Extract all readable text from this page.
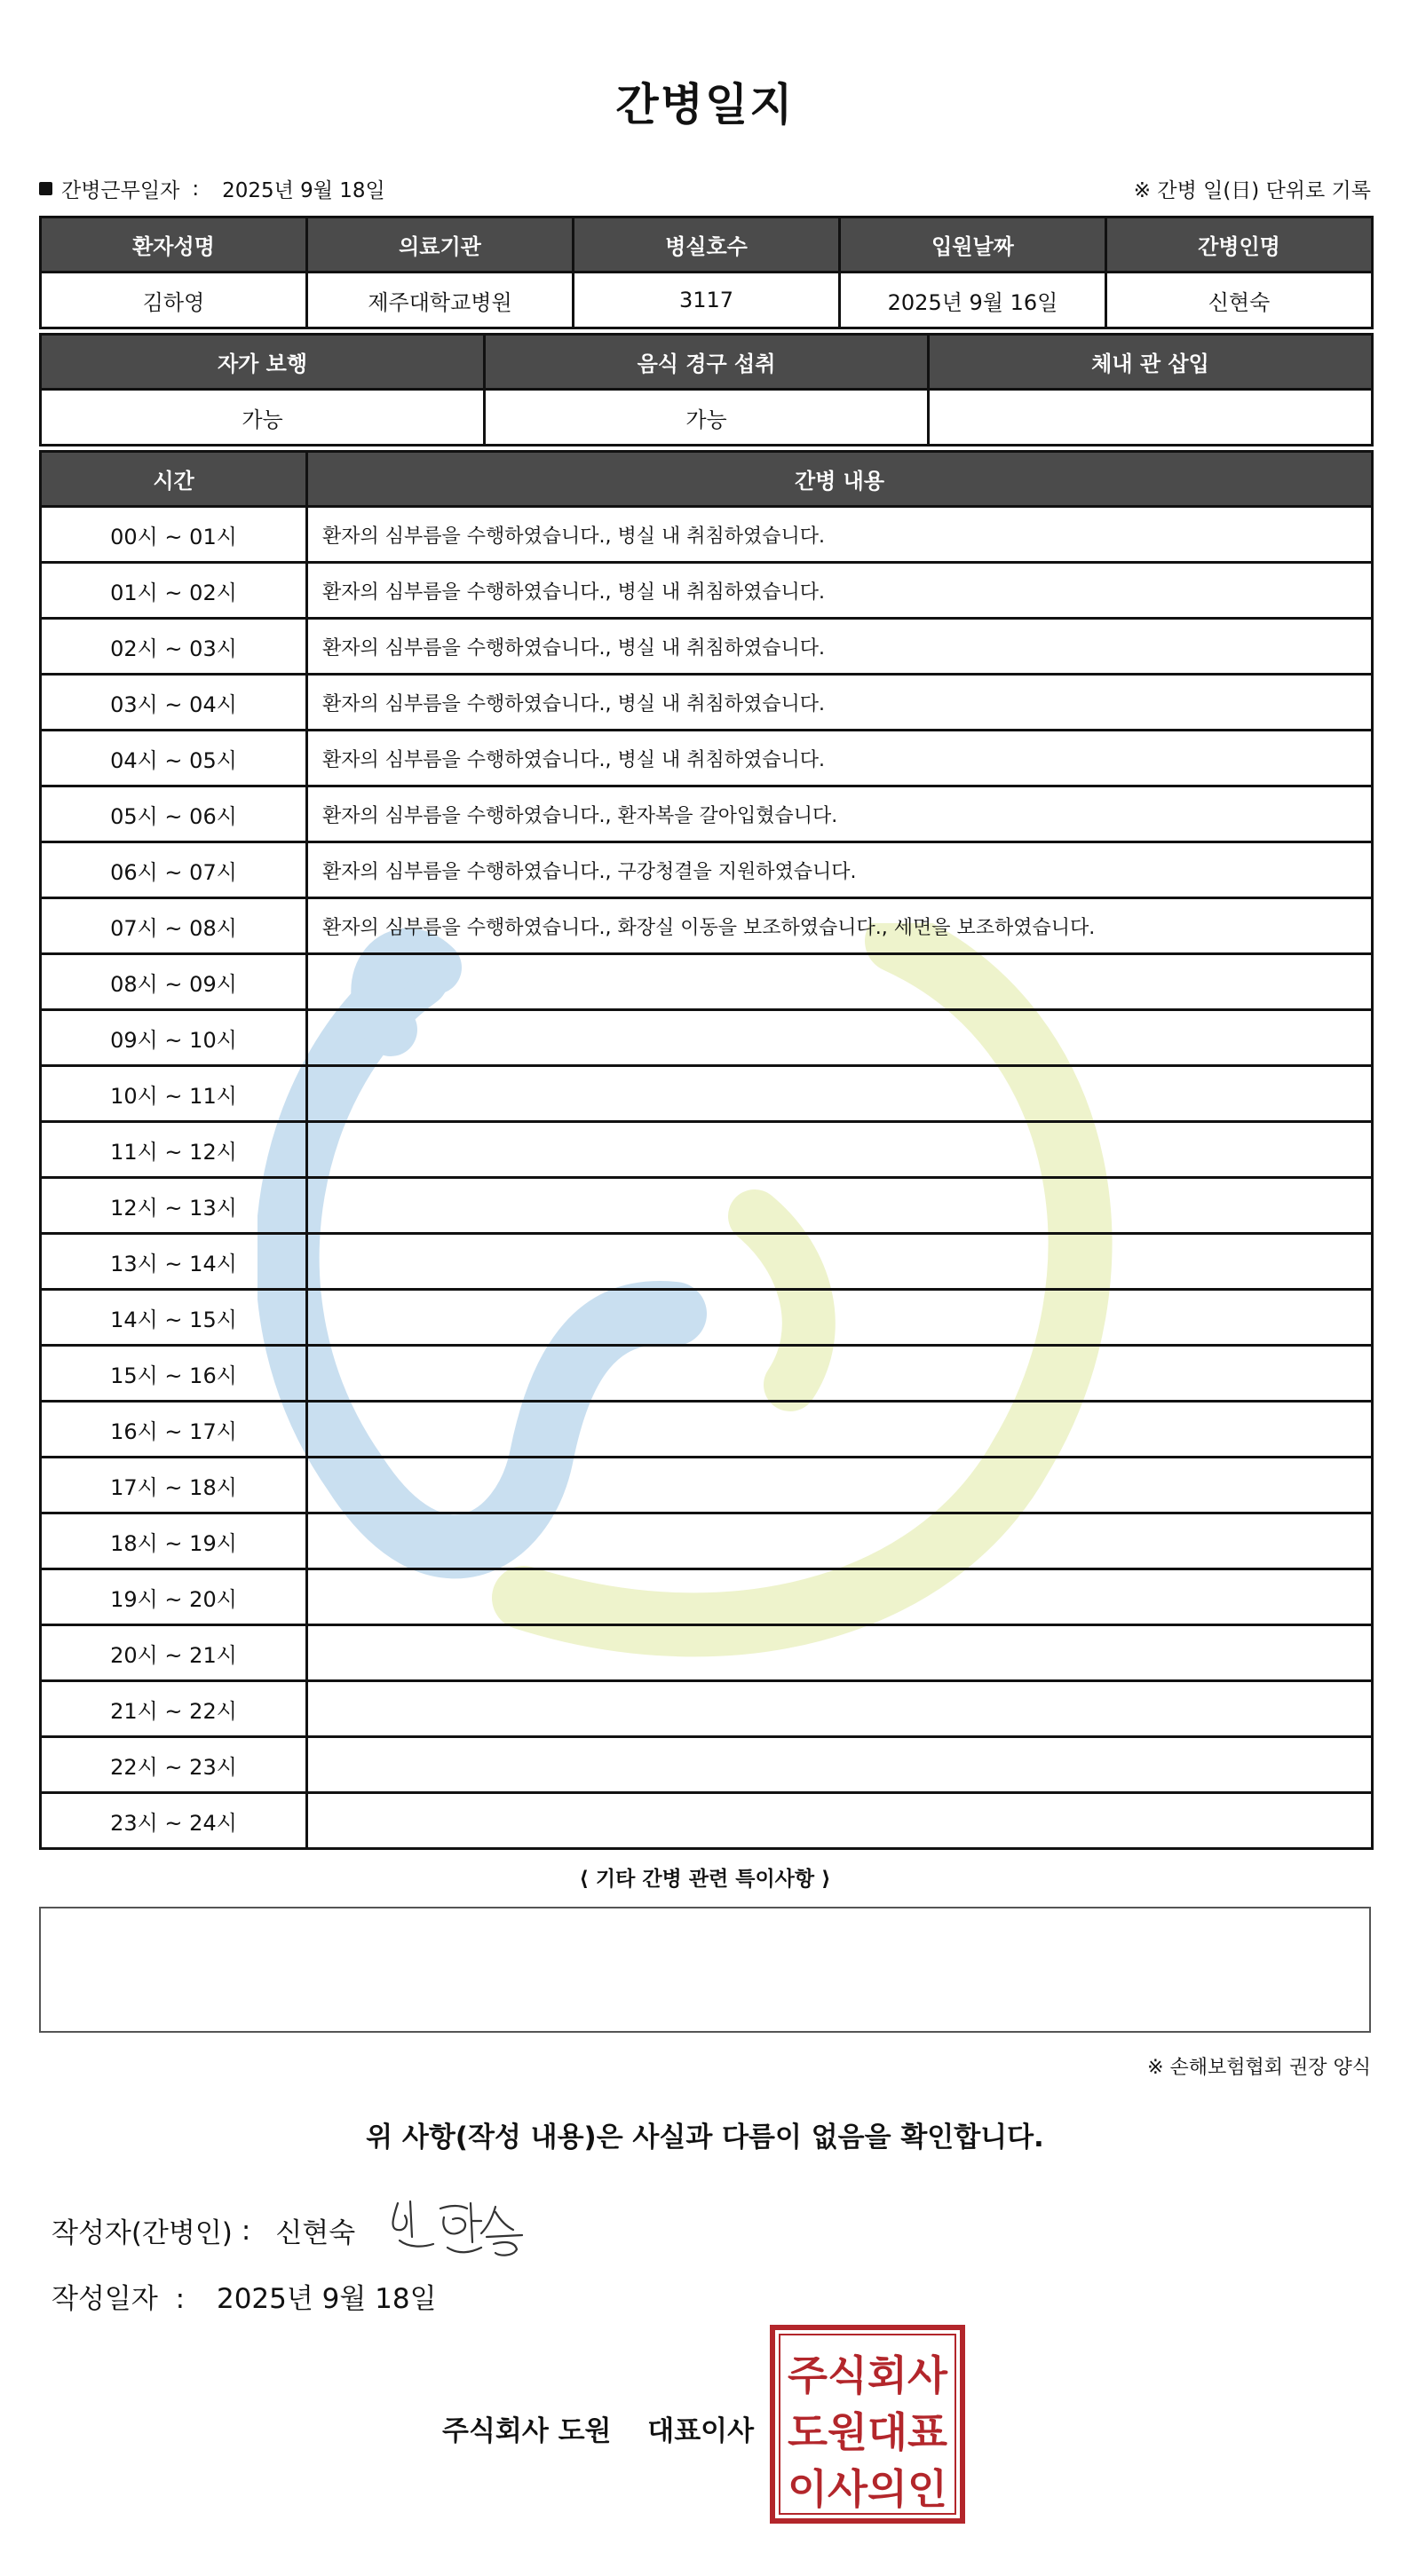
간병일지
간병근무일자 : 2025년 9월 18일	※ 간병 일(日) 단위로 기록
환자성명	의료기관	병실호수	입원날짜	간병인명
김하영	제주대학교병원	3117	2025년 9월 16일	신현숙
자가 보행	음식 경구 섭취	체내 관 삽입
가능	가능	
시간	간병 내용
00시 ~ 01시	환자의 심부름을 수행하였습니다., 병실 내 취침하였습니다.
01시 ~ 02시	환자의 심부름을 수행하였습니다., 병실 내 취침하였습니다.
02시 ~ 03시	환자의 심부름을 수행하였습니다., 병실 내 취침하였습니다.
03시 ~ 04시	환자의 심부름을 수행하였습니다., 병실 내 취침하였습니다.
04시 ~ 05시	환자의 심부름을 수행하였습니다., 병실 내 취침하였습니다.
05시 ~ 06시	환자의 심부름을 수행하였습니다., 환자복을 갈아입혔습니다.
06시 ~ 07시	환자의 심부름을 수행하였습니다., 구강청결을 지원하였습니다.
07시 ~ 08시	환자의 심부름을 수행하였습니다., 화장실 이동을 보조하였습니다., 세면을 보조하였습니다.
08시 ~ 09시	
09시 ~ 10시	
10시 ~ 11시	
11시 ~ 12시	
12시 ~ 13시	
13시 ~ 14시	
14시 ~ 15시	
15시 ~ 16시	
16시 ~ 17시	
17시 ~ 18시	
18시 ~ 19시	
19시 ~ 20시	
20시 ~ 21시	
21시 ~ 22시	
22시 ~ 23시	
23시 ~ 24시	
⟨ 기타 간병 관련 특이사항 ⟩
※ 손해보험협회 권장 양식
위 사항(작성 내용)은 사실과 다름이 없음을 확인합니다.
작성자(간병인) : 신현숙
작성일자 : 2025년 9월 18일
주식회사 도원 대표이사
주식회사
도원대표
이사의인
